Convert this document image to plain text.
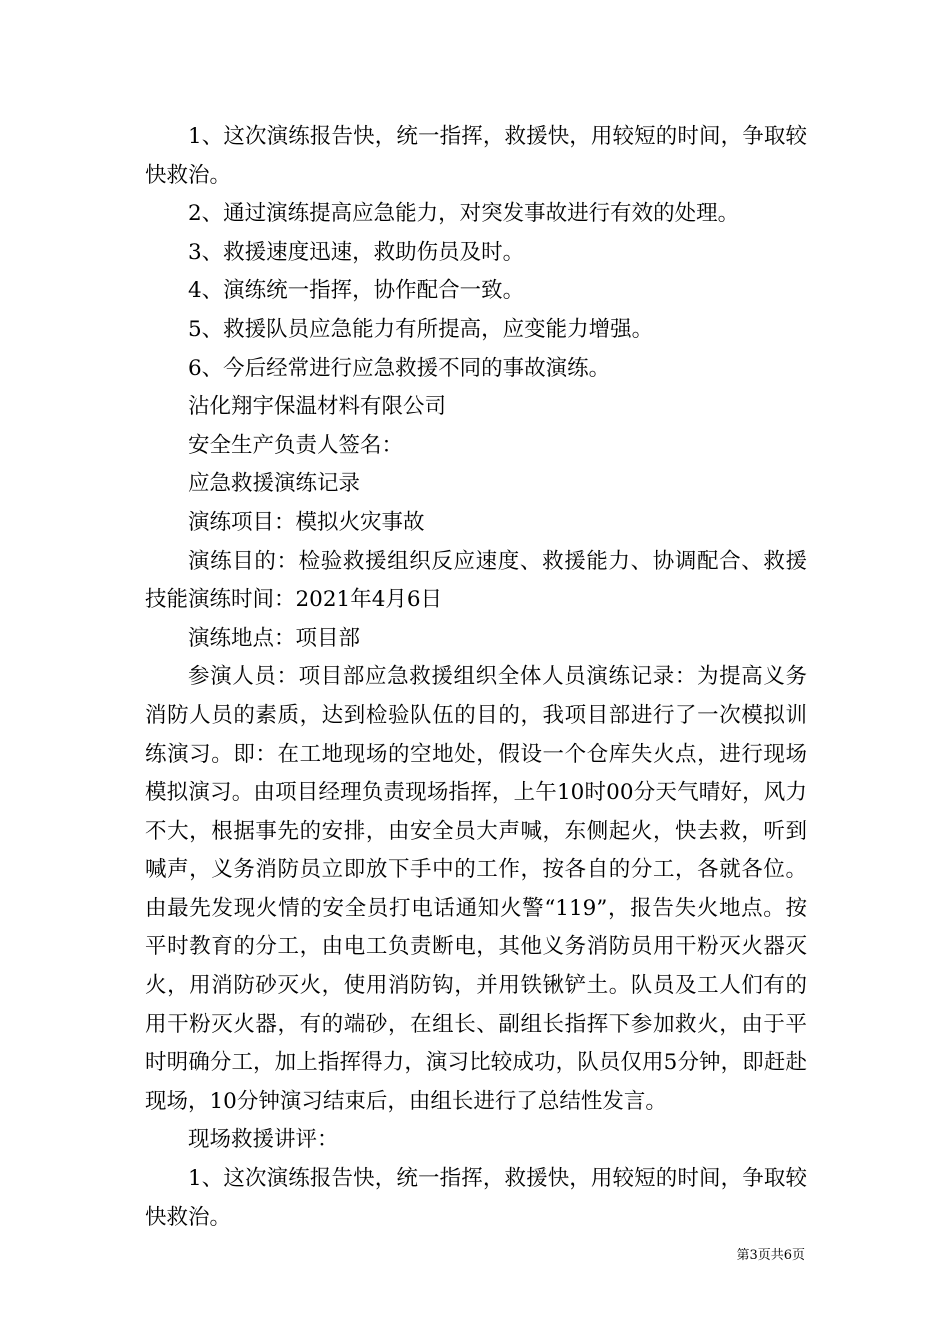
1、这次演练报告快，统一指挥，救援快，用较短的时间，争取较快救治。

2、通过演练提高应急能力，对突发事故进行有效的处理。

3、救援速度迅速，救助伤员及时。

4、演练统一指挥，协作配合一致。

5、救援队员应急能力有所提高，应变能力增强。

6、今后经常进行应急救援不同的事故演练。

沾化翔宇保温材料有限公司

安全生产负责人签名：

应急救援演练记录

演练项目：模拟火灾事故

演练目的：检验救援组织反应速度、救援能力、协调配合、救援技能演练时间：2021年4月6日

演练地点：项目部

参演人员：项目部应急救援组织全体人员演练记录：为提高义务消防人员的素质，达到检验队伍的目的，我项目部进行了一次模拟训练演习。即：在工地现场的空地处，假设一个仓库失火点，进行现场模拟演习。由项目经理负责现场指挥，上午10时00分天气晴好，风力不大，根据事先的安排，由安全员大声喊，东侧起火，快去救，听到喊声，义务消防员立即放下手中的工作，按各自的分工，各就各位。由最先发现火情的安全员打电话通知火警“119”，报告失火地点。按平时教育的分工，由电工负责断电，其他义务消防员用干粉灭火器灭火，用消防砂灭火，使用消防钩，并用铁锹铲土。队员及工人们有的用干粉灭火器，有的端砂，在组长、副组长指挥下参加救火，由于平时明确分工，加上指挥得力，演习比较成功，队员仅用5分钟，即赶赴现场，10分钟演习结束后，由组长进行了总结性发言。

现场救援讲评：

1、这次演练报告快，统一指挥，救援快，用较短的时间，争取较快救治。

第3页共6页
